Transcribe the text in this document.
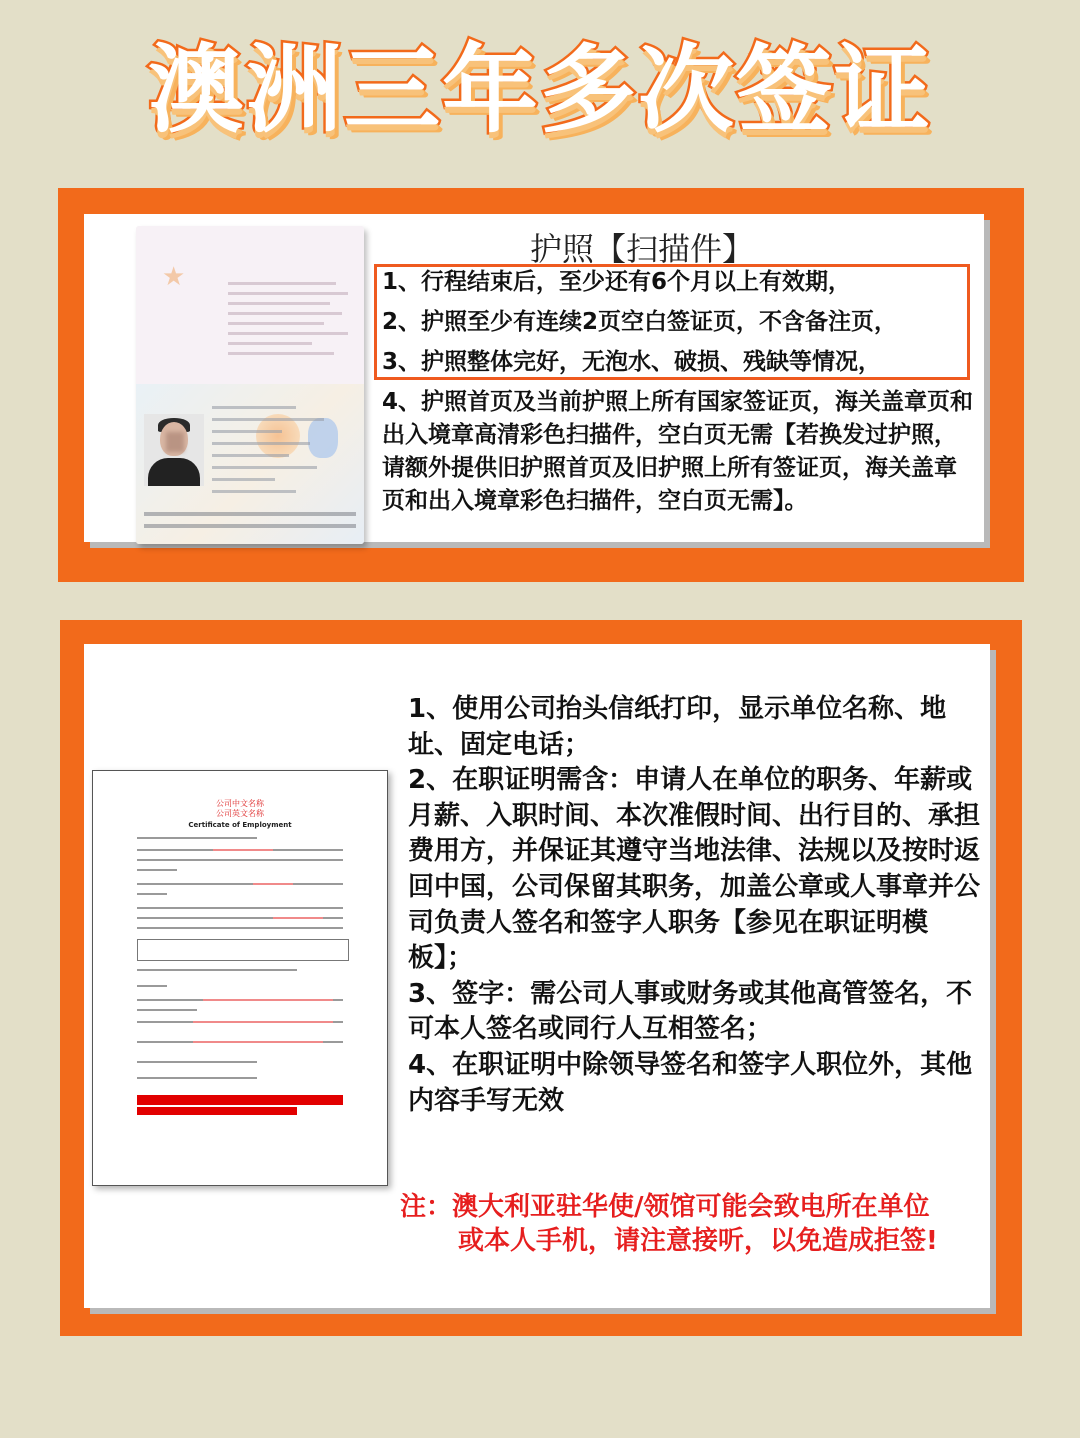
澳洲三年多次签证
★
护照【扫描件】
1、行程结束后，至少还有6个月以上有效期，
2、护照至少有连续2页空白签证页，不含备注页，
3、护照整体完好，无泡水、破损、残缺等情况，
4、护照首页及当前护照上所有国家签证页，海关盖章页和出入境章高清彩色扫描件，空白页无需【若换发过护照，请额外提供旧护照首页及旧护照上所有签证页，海关盖章页和出入境章彩色扫描件，空白页无需】。
公司中文名称
公司英文名称
Certificate of Employment
1、使用公司抬头信纸打印，显示单位名称、地址、固定电话；
2、在职证明需含：申请人在单位的职务、年薪或月薪、入职时间、本次准假时间、出行目的、承担费用方，并保证其遵守当地法律、法规以及按时返回中国，公司保留其职务，加盖公章或人事章并公司负责人签名和签字人职务【参见在职证明模板】；
3、签字：需公司人事或财务或其他高管签名，不可本人签名或同行人互相签名；
4、在职证明中除领导签名和签字人职位外，其他内容手写无效
注：澳大利亚驻华使/领馆可能会致电所在单位
或本人手机，请注意接听，以免造成拒签!
